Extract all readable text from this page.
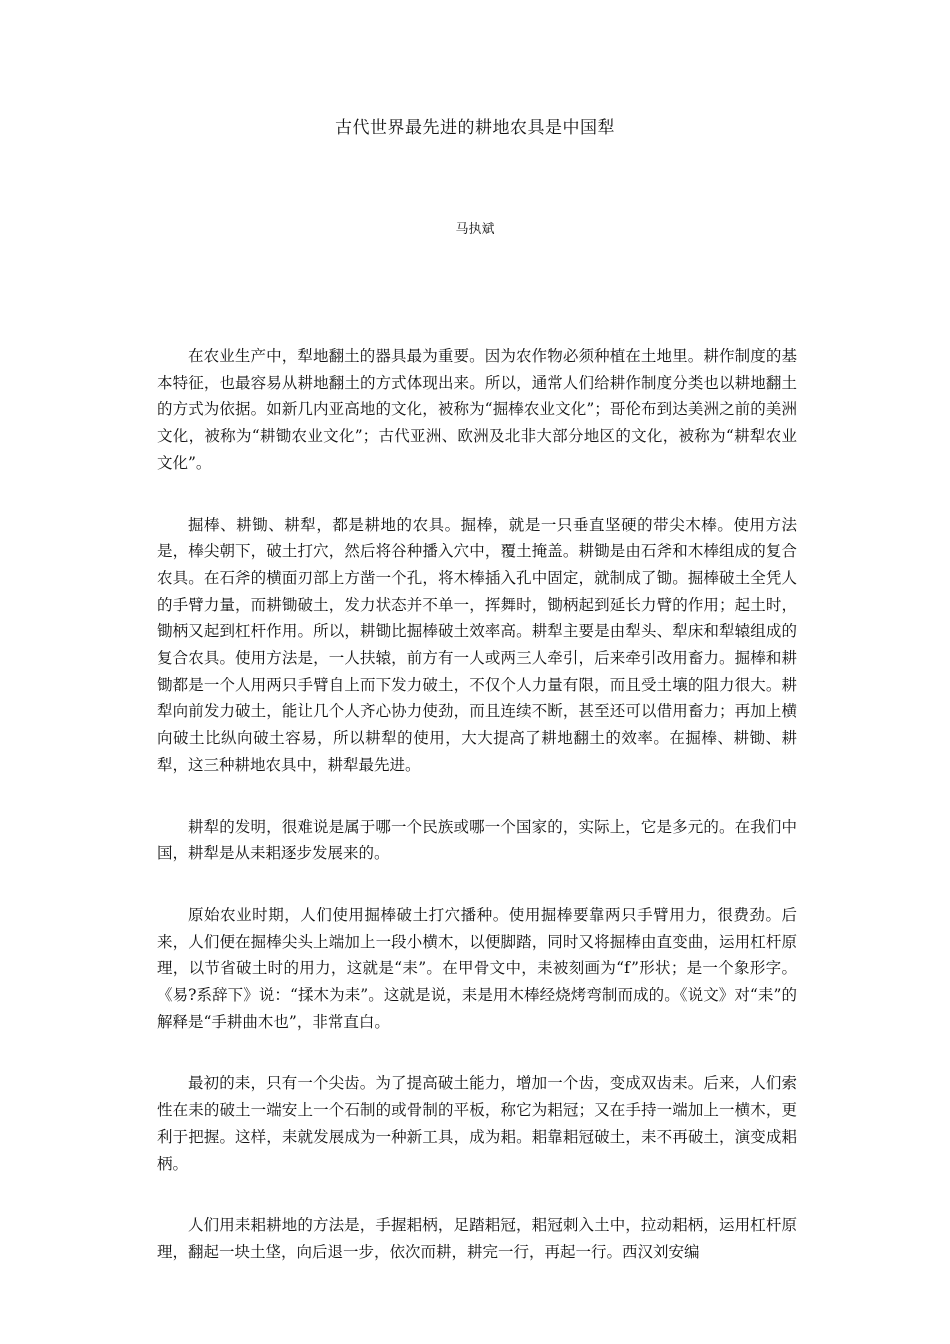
古代世界最先进的耕地农具是中国犁
马执斌

在农业生产中，犁地翻土的器具最为重要。因为农作物必须种植在土地里。耕作制度的基本特征，也最容易从耕地翻土的方式体现出来。所以，通常人们给耕作制度分类也以耕地翻土的方式为依据。如新几内亚高地的文化，被称为“掘棒农业文化”；哥伦布到达美洲之前的美洲文化，被称为“耕锄农业文化”；古代亚洲、欧洲及北非大部分地区的文化，被称为“耕犁农业文化”。

掘棒、耕锄、耕犁，都是耕地的农具。掘棒，就是一只垂直坚硬的带尖木棒。使用方法是，棒尖朝下，破土打穴，然后将谷种播入穴中，覆土掩盖。耕锄是由石斧和木棒组成的复合农具。在石斧的横面刃部上方凿一个孔，将木棒插入孔中固定，就制成了锄。掘棒破土全凭人的手臂力量，而耕锄破土，发力状态并不单一，挥舞时，锄柄起到延长力臂的作用；起土时，锄柄又起到杠杆作用。所以，耕锄比掘棒破土效率高。耕犁主要是由犁头、犁床和犁辕组成的复合农具。使用方法是，一人扶辕，前方有一人或两三人牵引，后来牵引改用畜力。掘棒和耕锄都是一个人用两只手臂自上而下发力破土，不仅个人力量有限，而且受土壤的阻力很大。耕犁向前发力破土，能让几个人齐心协力使劲，而且连续不断，甚至还可以借用畜力；再加上横向破土比纵向破土容易，所以耕犁的使用，大大提高了耕地翻土的效率。在掘棒、耕锄、耕犁，这三种耕地农具中，耕犁最先进。

耕犁的发明，很难说是属于哪一个民族或哪一个国家的，实际上，它是多元的。在我们中国，耕犁是从耒耜逐步发展来的。

原始农业时期，人们使用掘棒破土打穴播种。使用掘棒要靠两只手臂用力，很费劲。后来，人们便在掘棒尖头上端加上一段小横木，以便脚踏，同时又将掘棒由直变曲，运用杠杆原理，以节省破土时的用力，这就是“耒”。在甲骨文中，耒被刻画为“f”形状；是一个象形字。《易?系辞下》说：“揉木为耒”。这就是说，耒是用木棒经烧烤弯制而成的。《说文》对“耒”的解释是“手耕曲木也”，非常直白。

最初的耒，只有一个尖齿。为了提高破土能力，增加一个齿，变成双齿耒。后来，人们索性在耒的破土一端安上一个石制的或骨制的平板，称它为耜冠；又在手持一端加上一横木，更利于把握。这样，耒就发展成为一种新工具，成为耜。耜靠耜冠破土，耒不再破土，演变成耜柄。

人们用耒耜耕地的方法是，手握耜柄，足踏耜冠，耜冠刺入土中，拉动耜柄，运用杠杆原理，翻起一块土垡，向后退一步，依次而耕，耕完一行，再起一行。西汉刘安编
